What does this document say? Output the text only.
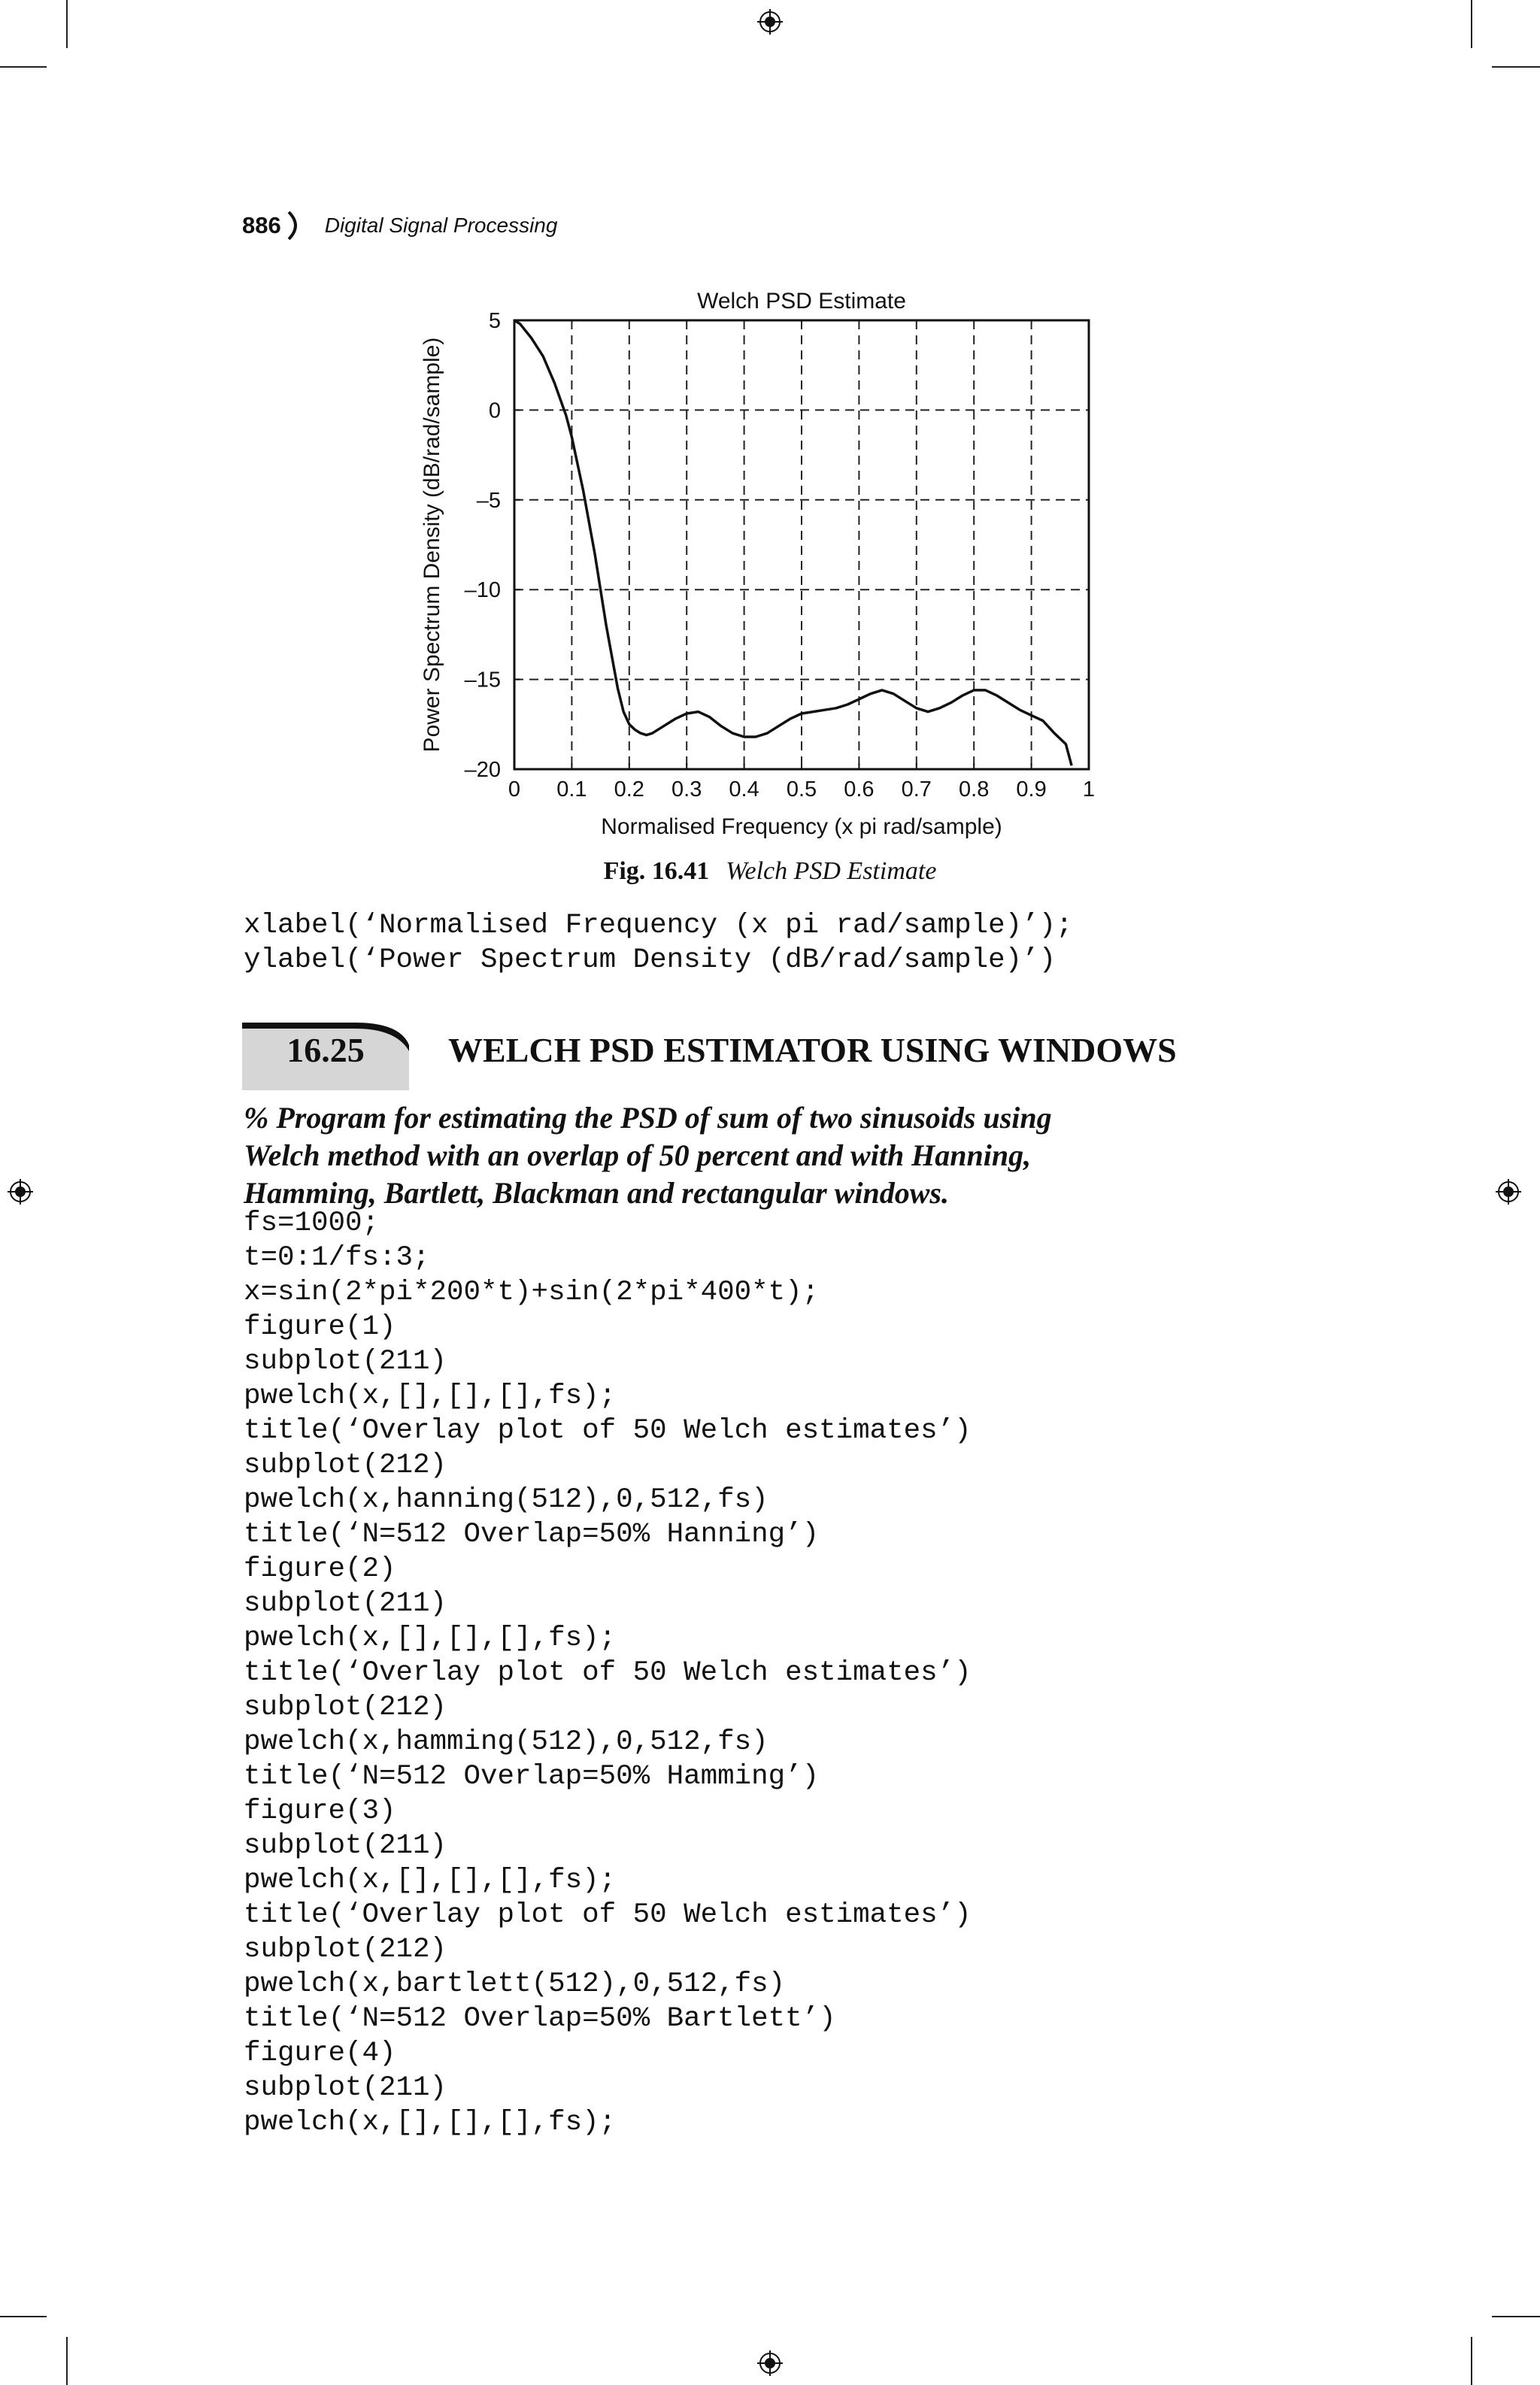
886 Digital Signal Processing
Welch PSD Estimate
5
0
–5
–10
–15
–20
0 0.1 0.2 0.3 0.4 0.5 0.6 0.7 0.8 0.9 1
Normalised Frequency (x pi rad/sample)
Power Spectrum Density (dB/rad/sample)
Fig. 16.41 Welch PSD Estimate
xlabel(‘Normalised Frequency (x pi rad/sample)’);
ylabel(‘Power Spectrum Density (dB/rad/sample)’)

16.25	WELCH PSD ESTIMATOR USING WINDOWS

% Program for estimating the PSD of sum of two sinusoids using

Welch method with an overlap of 50 percent and with Hanning,

Hamming, Bartlett, Blackman and rectangular windows.

fs=1000;
t=0:1/fs:3;
x=sin(2*pi*200*t)+sin(2*pi*400*t);
figure(1)
subplot(211)
pwelch(x,[],[],[],fs);
title(‘Overlay plot of 50 Welch estimates’)
subplot(212)
pwelch(x,hanning(512),0,512,fs)
title(‘N=512 Overlap=50% Hanning’)
figure(2)
subplot(211)
pwelch(x,[],[],[],fs);
title(‘Overlay plot of 50 Welch estimates’)
subplot(212)
pwelch(x,hamming(512),0,512,fs)
title(‘N=512 Overlap=50% Hamming’)
figure(3)
subplot(211)
pwelch(x,[],[],[],fs);
title(‘Overlay plot of 50 Welch estimates’)
subplot(212)
pwelch(x,bartlett(512),0,512,fs)
title(‘N=512 Overlap=50% Bartlett’)
figure(4)
subplot(211)
pwelch(x,[],[],[],fs);
